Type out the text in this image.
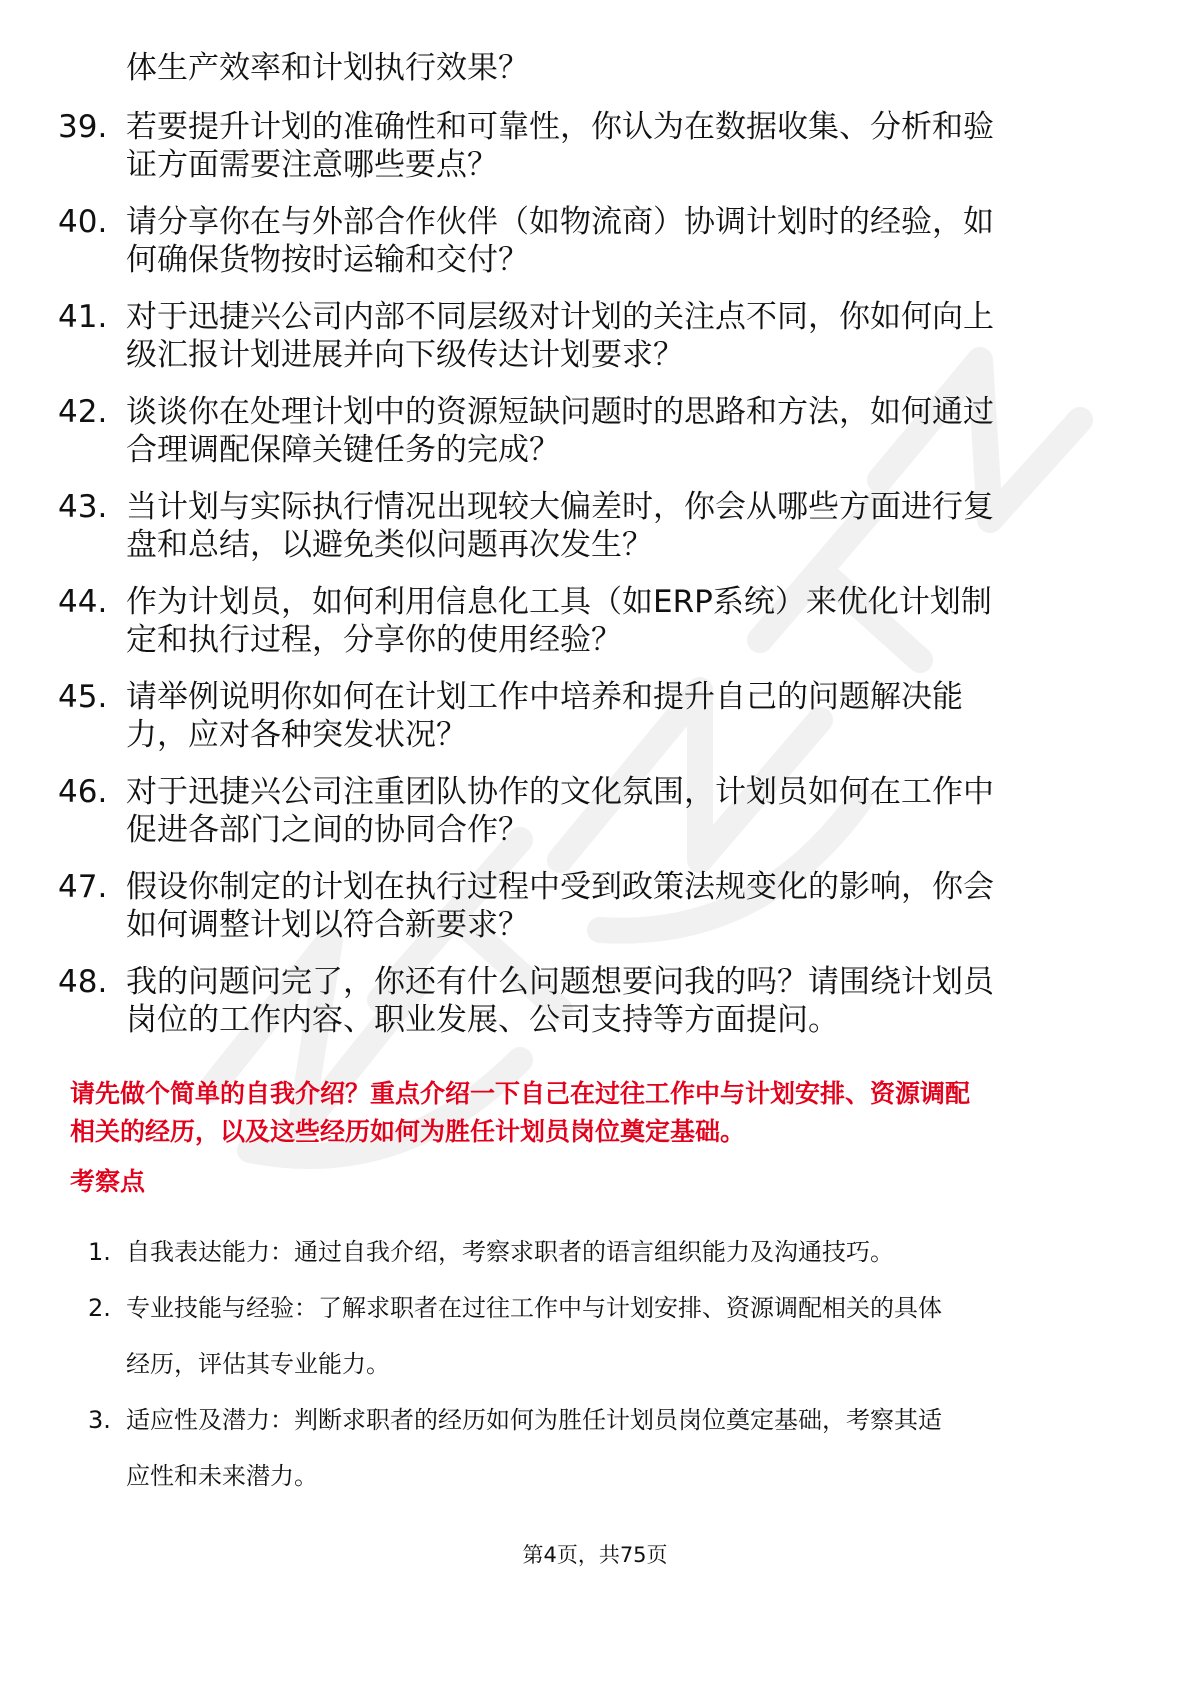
体生产效率和计划执行效果？
39. 若要提升计划的准确性和可靠性，你认为在数据收集、分析和验
证方面需要注意哪些要点？
40. 请分享你在与外部合作伙伴（如物流商）协调计划时的经验，如
何确保货物按时运输和交付？
41. 对于迅捷兴公司内部不同层级对计划的关注点不同，你如何向上
级汇报计划进展并向下级传达计划要求？
42. 谈谈你在处理计划中的资源短缺问题时的思路和方法，如何通过
合理调配保障关键任务的完成？
43. 当计划与实际执行情况出现较大偏差时，你会从哪些方面进行复
盘和总结，以避免类似问题再次发生？
44. 作为计划员，如何利用信息化工具（如ERP系统）来优化计划制
定和执行过程，分享你的使用经验？
45. 请举例说明你如何在计划工作中培养和提升自己的问题解决能
力，应对各种突发状况？
46. 对于迅捷兴公司注重团队协作的文化氛围，计划员如何在工作中
促进各部门之间的协同合作？
47. 假设你制定的计划在执行过程中受到政策法规变化的影响，你会
如何调整计划以符合新要求？
48. 我的问题问完了，你还有什么问题想要问我的吗？请围绕计划员
岗位的工作内容、职业发展、公司支持等方面提问。
请先做个简单的自我介绍？重点介绍一下自己在过往工作中与计划安排、资源调配
相关的经历，以及这些经历如何为胜任计划员岗位奠定基础。
考察点
1. 自我表达能力：通过自我介绍，考察求职者的语言组织能力及沟通技巧。
2. 专业技能与经验：了解求职者在过往工作中与计划安排、资源调配相关的具体
经历，评估其专业能力。
3. 适应性及潜力：判断求职者的经历如何为胜任计划员岗位奠定基础，考察其适
应性和未来潜力。
第4页，共75页
